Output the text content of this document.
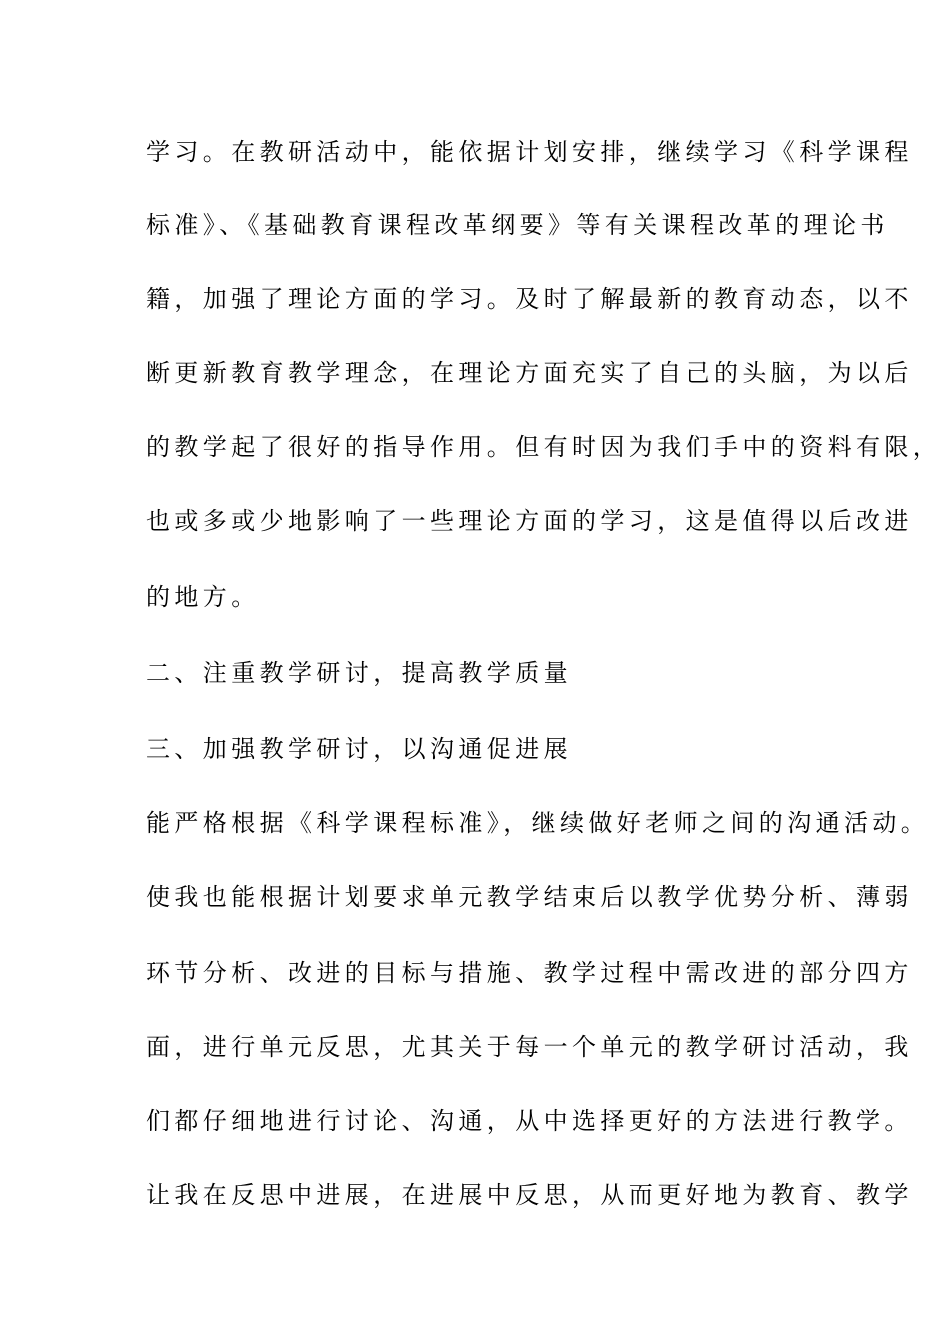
学习。在教研活动中，能依据计划安排，继续学习《科学课程
标准》、《基础教育课程改革纲要》等有关课程改革的理论书
籍，加强了理论方面的学习。及时了解最新的教育动态，以不
断更新教育教学理念，在理论方面充实了自己的头脑，为以后
的教学起了很好的指导作用。但有时因为我们手中的资料有限，
也或多或少地影响了一些理论方面的学习，这是值得以后改进
的地方。
二、注重教学研讨，提高教学质量
三、加强教学研讨，以沟通促进展
能严格根据《科学课程标准》，继续做好老师之间的沟通活动。
使我也能根据计划要求单元教学结束后以教学优势分析、薄弱
环节分析、改进的目标与措施、教学过程中需改进的部分四方
面，进行单元反思，尤其关于每一个单元的教学研讨活动，我
们都仔细地进行讨论、沟通，从中选择更好的方法进行教学。
让我在反思中进展，在进展中反思，从而更好地为教育、教学
